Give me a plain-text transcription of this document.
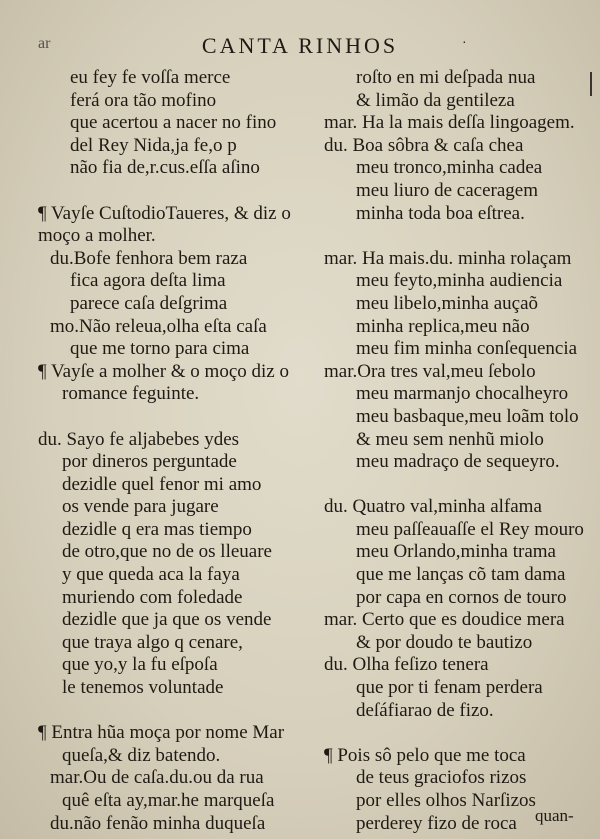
ar	CANTA RINHOS	·
eu fey fe voſſa merce
ferá ora tão mofino
que acertou a nacer no fino
del Rey Nida,ja fe,o p
não fia de,r.cus.eſſa aſino
¶ Vayſe CuſtodioTaueres, & diz o moço a molher.
du.Bofe fenhora bem raza
fica agora deſta lima
parece caſa deſgrima
mo.Não releua,olha eſta caſa
que me torno para cima
¶ Vayſe a molher & o moço diz o
romance feguinte.
du. Sayo fe aljabebes ydes
por dineros perguntade
dezidle quel fenor mi amo
os vende para jugare
dezidle q era mas tiempo
de otro,que no de os lleuare
y que queda aca la faya
muriendo com foledade
dezidle que ja que os vende
que traya algo q cenare,
que yo,y la fu eſpoſa
le tenemos voluntade
¶ Entra hũa moça por nome Mar
queſa,& diz batendo.
mar.Ou de caſa.du.ou da rua
quê eſta ay,mar.he marqueſa
du.não fenão minha duqueſa
roſto en mi deſpada nua
& limão da gentileza
mar. Ha la mais deſſa lingoagem.
du. Boa sôbra & caſa chea
meu tronco,minha cadea
meu liuro de caceragem
minha toda boa eſtrea.
mar. Ha mais.du. minha rolaçam
meu feyto,minha audiencia
meu libelo,minha auçaõ
minha replica,meu não
meu fim minha conſequencia
mar.Ora tres val,meu ſebolo
meu marmanjo chocalheyro
meu basbaque,meu loãm tolo
& meu sem nenhũ miolo
meu madraço de sequeyro.
du. Quatro val,minha alfama
meu paſſeauaſſe el Rey mouro
meu Orlando,minha trama
que me lanças cõ tam dama
por capa en cornos de touro
mar. Certo que es doudice mera
& por doudo te bautizo
du. Olha feſizo tenera
que por ti fenam perdera
deſáfiarao de fizo.
¶ Pois sô pelo que me toca
de teus graciofos rizos
por elles olhos Narſizos
perderey fizo de roca	quan-
